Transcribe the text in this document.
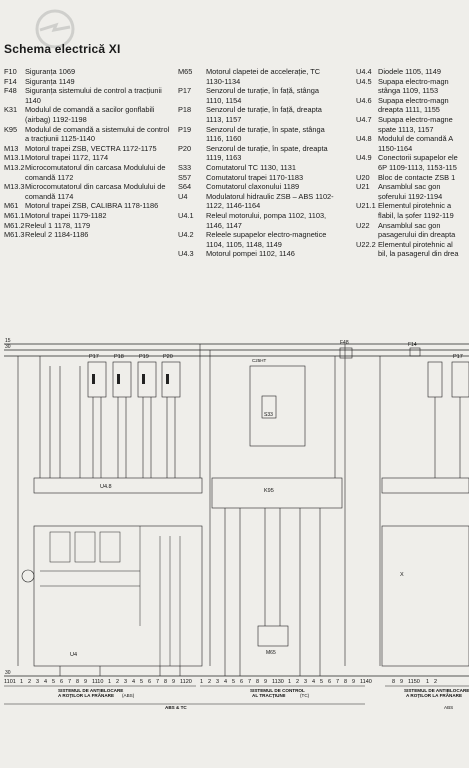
Schema electrică XI
F10	Siguranța 1069
F14	Siguranța 1149
F48	Siguranța sistemului de control a tracțiunii 1140
K31	Modulul de comandă a sacilor gonflabili (airbag) 1192-1198
K95	Modulul de comandă a sistemului de control a tracțiunii 1125-1140
M13 Motorul trapei ZSB, VECTRA 1172-1175
M13.1 Motorul trapei 1172, 1174
M13.2 Microcomutatorul din carcasa Modulului de comandă 1172
M13.3 Microcomutatorul din carcasa Modulului de comandă 1174
M61 Motorul trapei ZSB, CALIBRA 1178-1186
M61.1 Motorul trapei 1179-1182
M61.2 Releul 1 1178, 1179
M61.3 Releul 2 1184-1186
M65	Motorul clapetei de accelerație, TC 1130-1134
P17	Senzorul de turație, în față, stânga 1110, 1154
P18	Senzorul de turație, în față, dreapta 1113, 1157
P19	Senzorul de turație, în spate, stânga 1116, 1160
P20	Senzorul de turație, în spate, dreapta 1119, 1163
S33	Comutatorul TC 1130, 1131
S57	Comutatorul trapei 1170-1183
S64	Comutatorul claxonului 1189
U4	Modulatorul hidraulic ZSB – ABS 1102-1122, 1146-1164
U4.1	Releul motorului, pompa 1102, 1103, 1146, 1147
U4.2	Releele supapelor electro-magnetice 1104, 1105, 1148, 1149
U4.3	Motorul pompei 1102, 1146
U4.4 Diodele 1105, 1149
U4.5 Supapa electro-magn
stânga 1109, 1153
U4.6 Supapa electro-magn
dreapta 1111, 1155
U4.7 Supapa electro-magne
spate 1113, 1157
U4.8 Modulul de comandă A
1150-1164
U4.9 Conectorii supapelor ele
6P 1109-1113, 1153-115
U20	Bloc de contacte ZSB 1
U21	Ansamblul sac gon
șoferului 1192-1194
U21.1 Elementul pirotehnic a
flabil, la șofer 1192-119
U22	Ansamblul sac gon
pasagerului din dreapta
U22.2 Elementul pirotehnic al
bil, la pasagerul din drea
15
30
30
P17	P18	P19	P20
U4.8
U4
K95
M65
S33
F48
C25HT
F14
P17
X
1101 1 2 3 4 5 6 7 8 9 1110 1 2 3 4 5 6 7 8 9 1120 1 2 3 4 5 6 7 8 9 1130 1 2 3 4 5 6 7 8 9 1140	8 9 1150 1 2
SISTEMUL DE ANTIBLOCARE
A ROȚILOR LA FRÂNARE (ABS)
SISTEMUL DE CONTROL
AL TRACȚIUNII	(TC)
SISTEMUL DE ANTIBLOCARE
A ROȚILOR LA FRÂNARE
ABS & TC	ABS
